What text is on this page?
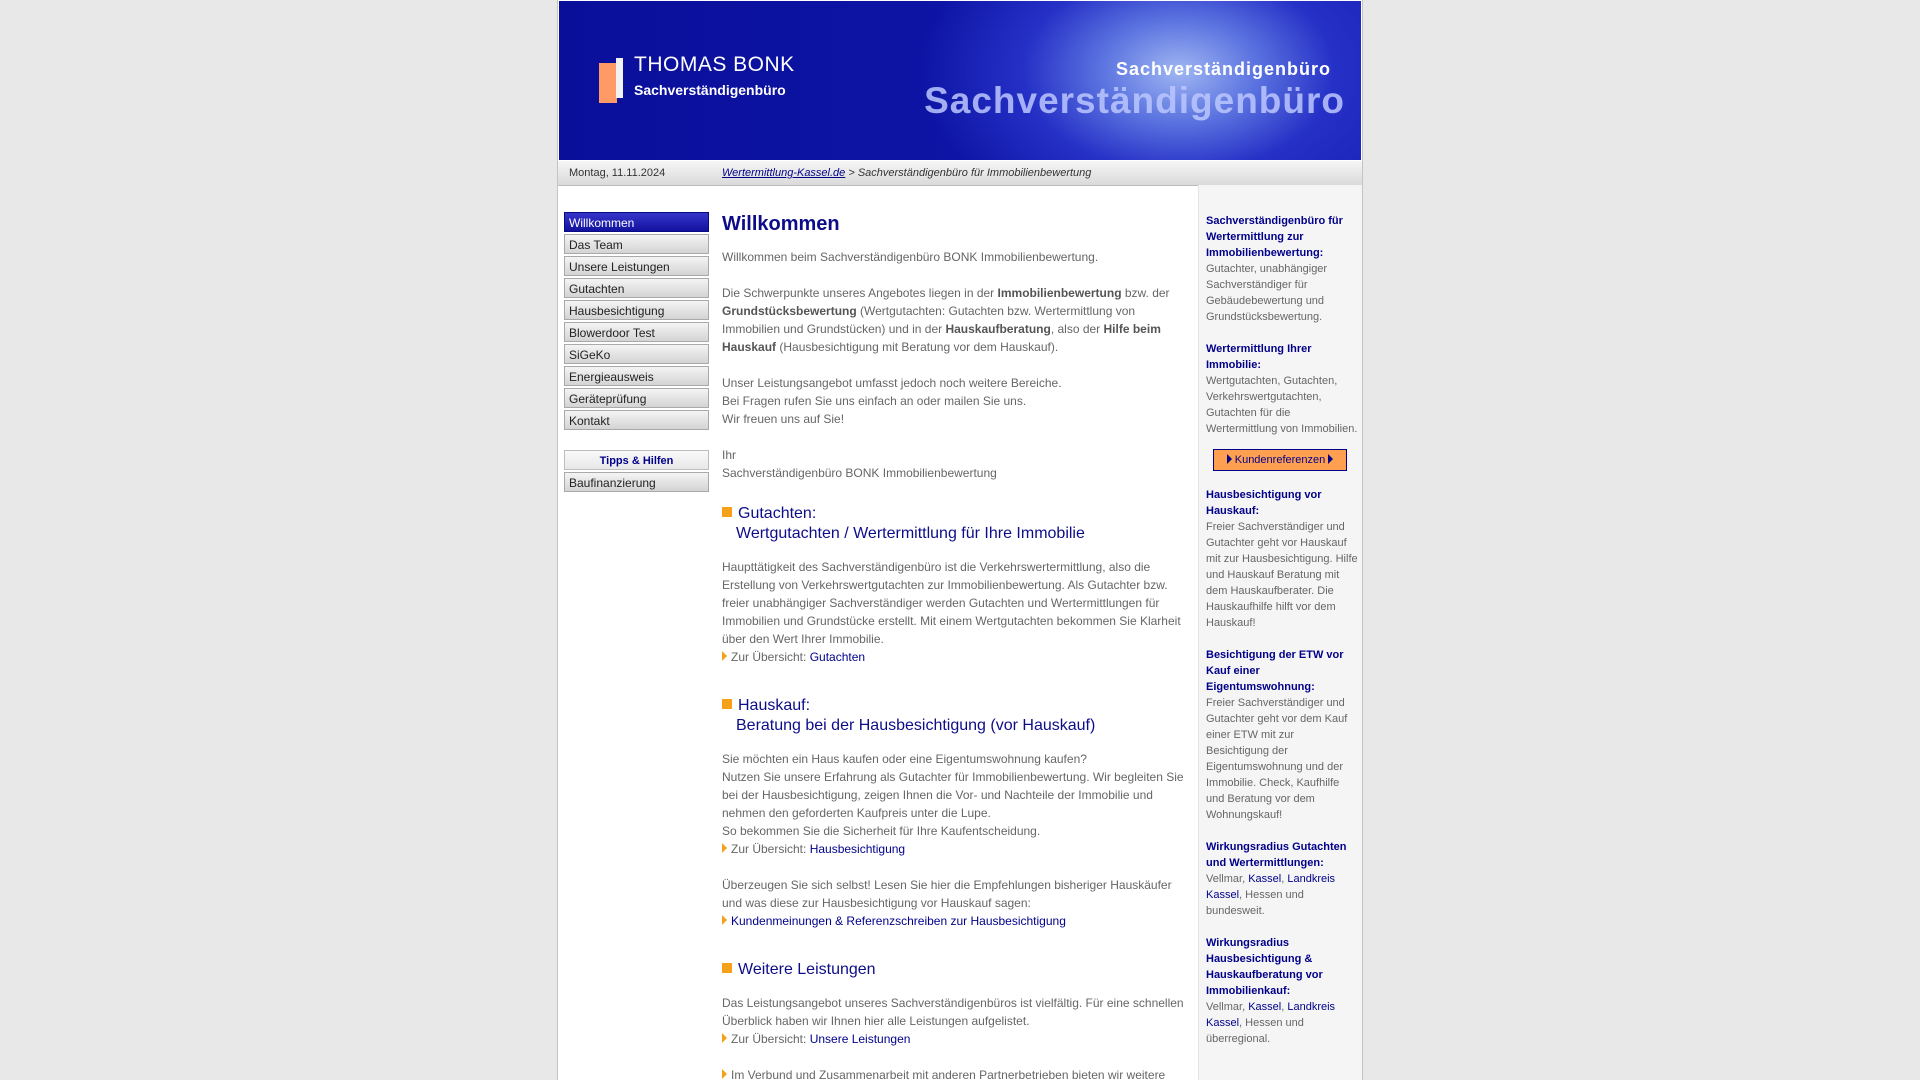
THOMAS BONK
Sachverständigenbüro
Sachverständigenbüro
Sachverständigenbüro
Montag, 11.11.2024	Wertermittlung-Kassel.de > Sachverständigenbüro für Immobilienbewertung
Willkommen
Das Team
Unsere Leistungen
Gutachten
Hausbesichtigung
Blowerdoor Test
SiGeKo
Energieausweis
Geräteprüfung
Kontakt
Tipps & Hilfen
Baufinanzierung
Willkommen

Willkommen beim Sachverständigenbüro BONK Immobilienbewertung.

Die Schwerpunkte unseres Angebotes liegen in der Immobilienbewertung bzw. der Grundstücksbewertung (Wertgutachten: Gutachten bzw. Wertermittlung von Immobilien und Grundstücken) und in der Hauskaufberatung, also der Hilfe beim Hauskauf (Hausbesichtigung mit Beratung vor dem Hauskauf).

Unser Leistungsangebot umfasst jedoch noch weitere Bereiche.
Bei Fragen rufen Sie uns einfach an oder mailen Sie uns.
Wir freuen uns auf Sie!

Ihr
Sachverständigenbüro BONK Immobilienbewertung

Gutachten:
Wertgutachten / Wertermittlung für Ihre Immobilie

Haupttätigkeit des Sachverständigenbüro ist die Verkehrswertermittlung, also die Erstellung von Verkehrswertgutachten zur Immobilienbewertung. Als Gutachter bzw. freier unabhängiger Sachverständiger werden Gutachten und Wertermittlungen für Immobilien und Grundstücke erstellt. Mit einem Wertgutachten bekommen Sie Klarheit über den Wert Ihrer Immobilie.

Zur Übersicht: Gutachten
Hauskauf:
Beratung bei der Hausbesichtigung (vor Hauskauf)

Sie möchten ein Haus kaufen oder eine Eigentumswohnung kaufen?
Nutzen Sie unsere Erfahrung als Gutachter für Immobilienbewertung. Wir begleiten Sie bei der Hausbesichtigung, zeigen Ihnen die Vor- und Nachteile der Immobilie und nehmen den geforderten Kaufpreis unter die Lupe.
So bekommen Sie die Sicherheit für Ihre Kaufentscheidung.

Zur Übersicht: Hausbesichtigung

Überzeugen Sie sich selbst! Lesen Sie hier die Empfehlungen bisheriger Hauskäufer und was diese zur Hausbesichtigung vor Hauskauf sagen:

Kundenmeinungen & Referenzschreiben zur Hausbesichtigung
Weitere Leistungen

Das Leistungsangebot unseres Sachverständigenbüros ist vielfältig. Für eine schnellen Überblick haben wir Ihnen hier alle Leistungen aufgelistet.

Zur Übersicht: Unsere Leistungen
Im Verbund und Zusammenarbeit mit anderen Partnerbetrieben bieten wir weitere
Sachverständigenbüro für Wertermittlung zur Immobilienbewertung:
Gutachter, unabhängiger Sachverständiger für Gebäudebewertung und Grundstücksbewertung.
Wertermittlung Ihrer Immobilie:
Wertgutachten, Gutachten, Verkehrswertgutachten, Gutachten für die Wertermittlung von Immobilien.
Kundenreferenzen
Hausbesichtigung vor Hauskauf:
Freier Sachverständiger und Gutachter geht vor Hauskauf mit zur Hausbesichtigung. Hilfe und Hauskauf Beratung mit dem Hauskaufberater. Die Hauskaufhilfe hilft vor dem Hauskauf!
Besichtigung der ETW vor Kauf einer Eigentumswohnung:
Freier Sachverständiger und Gutachter geht vor dem Kauf einer ETW mit zur Besichtigung der Eigentumswohnung und der Immobilie. Check, Kaufhilfe und Beratung vor dem Wohnungskauf!
Wirkungsradius Gutachten und Wertermittlungen:
Vellmar, Kassel, Landkreis Kassel, Hessen und bundesweit.
Wirkungsradius Hausbesichtigung & Hauskaufberatung vor Immobilienkauf:
Vellmar, Kassel, Landkreis Kassel, Hessen und überregional.
